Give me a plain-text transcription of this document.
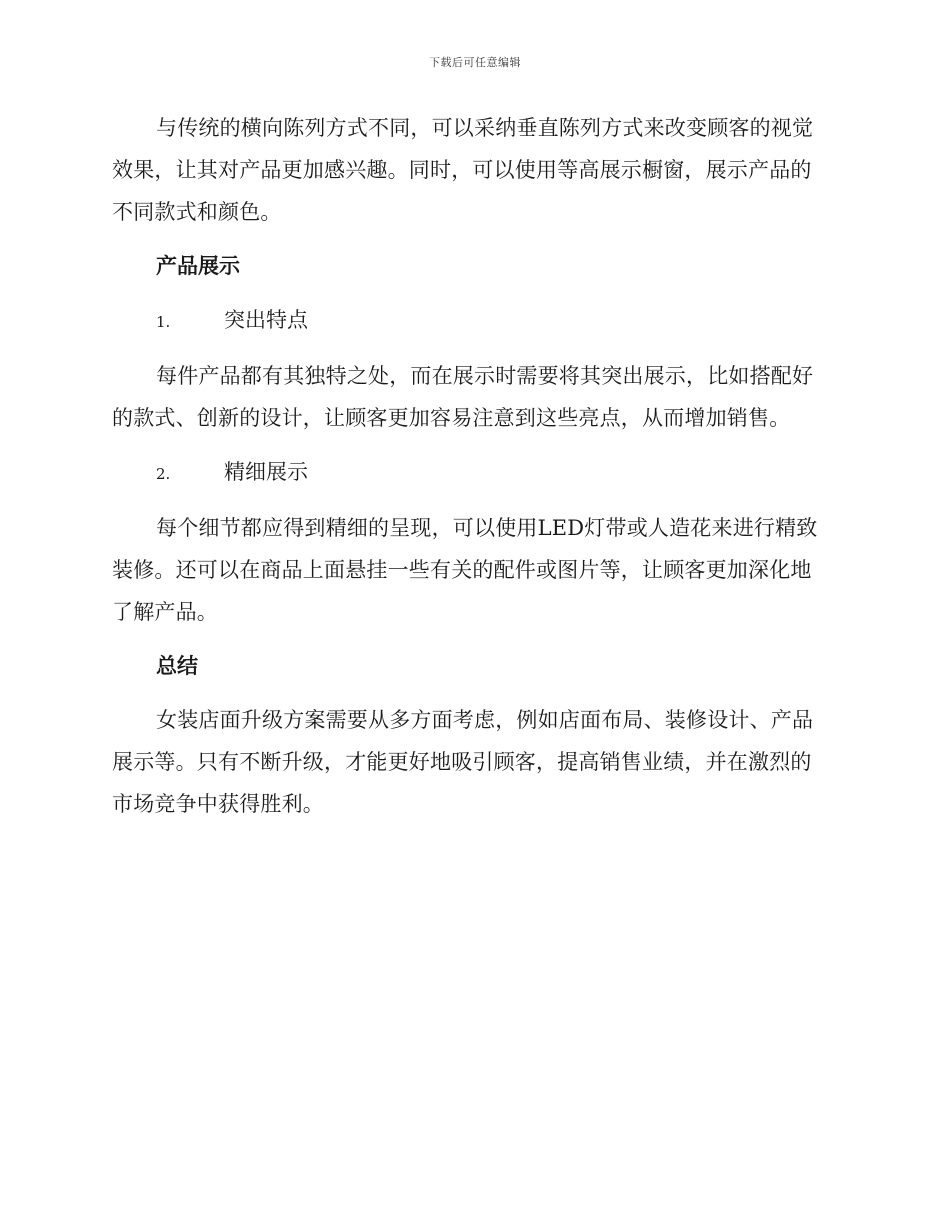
下载后可任意编辑

与传统的横向陈列方式不同，可以采纳垂直陈列方式来改变顾客的视觉效果，让其对产品更加感兴趣。同时，可以使用等高展示橱窗，展示产品的不同款式和颜色。

产品展示
1.	突出特点

每件产品都有其独特之处，而在展示时需要将其突出展示，比如搭配好的款式、创新的设计，让顾客更加容易注意到这些亮点，从而增加销售。

2.	精细展示

每个细节都应得到精细的呈现，可以使用LED灯带或人造花来进行精致装修。还可以在商品上面悬挂一些有关的配件或图片等，让顾客更加深化地了解产品。

总结

女装店面升级方案需要从多方面考虑，例如店面布局、装修设计、产品展示等。只有不断升级，才能更好地吸引顾客，提高销售业绩，并在激烈的市场竞争中获得胜利。
